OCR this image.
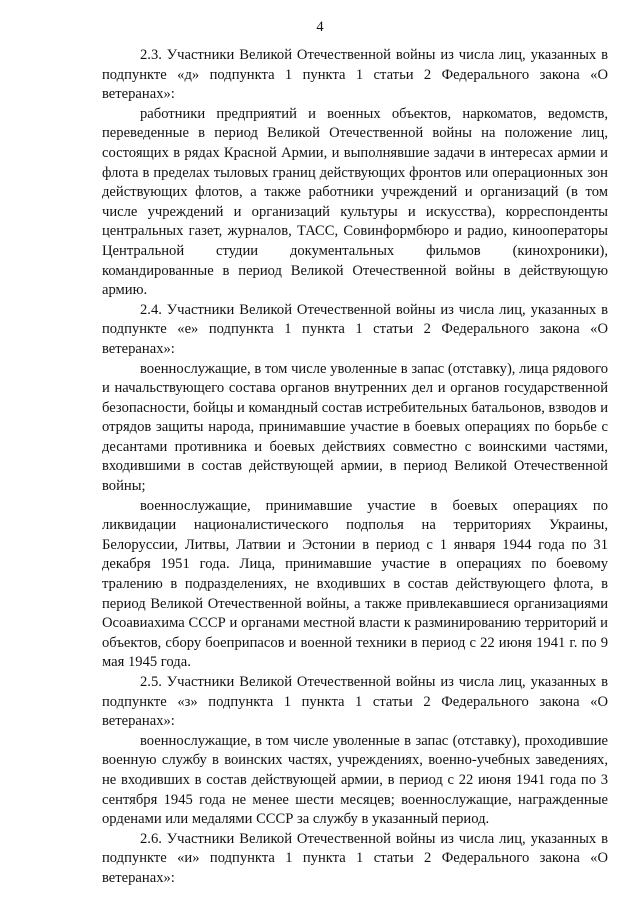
4

2.3. Участники Великой Отечественной войны из числа лиц, указанных в подпункте «д» подпункта 1 пункта 1 статьи 2 Федерального закона «О ветеранах»:

работники предприятий и военных объектов, наркоматов, ведомств, переведенные в период Великой Отечественной войны на положение лиц, состоящих в рядах Красной Армии, и выполнявшие задачи в интересах армии и флота в пределах тыловых границ действующих фронтов или операционных зон действующих флотов, а также работники учреждений и организаций (в том числе учреждений и организаций культуры и искусства), корреспонденты центральных газет, журналов, ТАСС, Совинформбюро и радио, кинооператоры Центральной студии документальных фильмов (кинохроники), командированные в период Великой Отечественной войны в действующую армию.

2.4. Участники Великой Отечественной войны из числа лиц, указанных в подпункте «е» подпункта 1 пункта 1 статьи 2 Федерального закона «О ветеранах»:

военнослужащие, в том числе уволенные в запас (отставку), лица рядового и начальствующего состава органов внутренних дел и органов государственной безопасности, бойцы и командный состав истребительных батальонов, взводов и отрядов защиты народа, принимавшие участие в боевых операциях по борьбе с десантами противника и боевых действиях совместно с воинскими частями, входившими в состав действующей армии, в период Великой Отечественной войны;

военнослужащие, принимавшие участие в боевых операциях по ликвидации националистического подполья на территориях Украины, Белоруссии, Литвы, Латвии и Эстонии в период с 1 января 1944 года по 31 декабря 1951 года. Лица, принимавшие участие в операциях по боевому тралению в подразделениях, не входивших в состав действующего флота, в период Великой Отечественной войны, а также привлекавшиеся организациями Осоавиахима СССР и органами местной власти к разминированию территорий и объектов, сбору боеприпасов и военной техники в период с 22 июня 1941 г. по 9 мая 1945 года.

2.5. Участники Великой Отечественной войны из числа лиц, указанных в подпункте «з» подпункта 1 пункта 1 статьи 2 Федерального закона «О ветеранах»:

военнослужащие, в том числе уволенные в запас (отставку), проходившие военную службу в воинских частях, учреждениях, военно-учебных заведениях, не входивших в состав действующей армии, в период с 22 июня 1941 года по 3 сентября 1945 года не менее шести месяцев; военнослужащие, награжденные орденами или медалями СССР за службу в указанный период.

2.6. Участники Великой Отечественной войны из числа лиц, указанных в подпункте «и» подпункта 1 пункта 1 статьи 2 Федерального закона «О ветеранах»:
